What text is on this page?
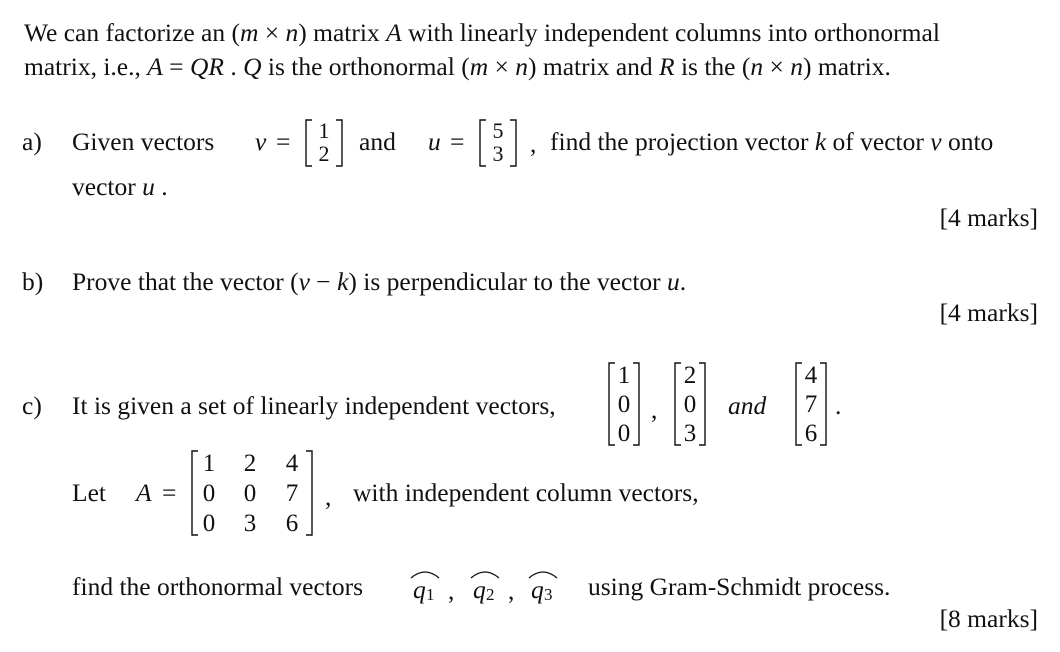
We can factorize an (m × n) matrix A with linearly independent columns into orthonormal
matrix, i.e., A = QR . Q is the orthonormal (m × n) matrix and R is the (n × n) matrix.
a) Given vectors v = 1
2 and u = 5
3 , find the projection vector k of vector v onto
vector u .
[4 marks]
b) Prove that the vector (v − k) is perpendicular to the vector u.
[4 marks]
c) It is given a set of linearly independent vectors,
1
0
0
,
2
0
3
and
4
7
6
.
Let A =
1	2	4
0	0	7
0	3	6
, with independent column vectors,
find the orthonormal vectors q 1 , q 2 , q 3 using Gram-Schmidt process.
[8 marks]
